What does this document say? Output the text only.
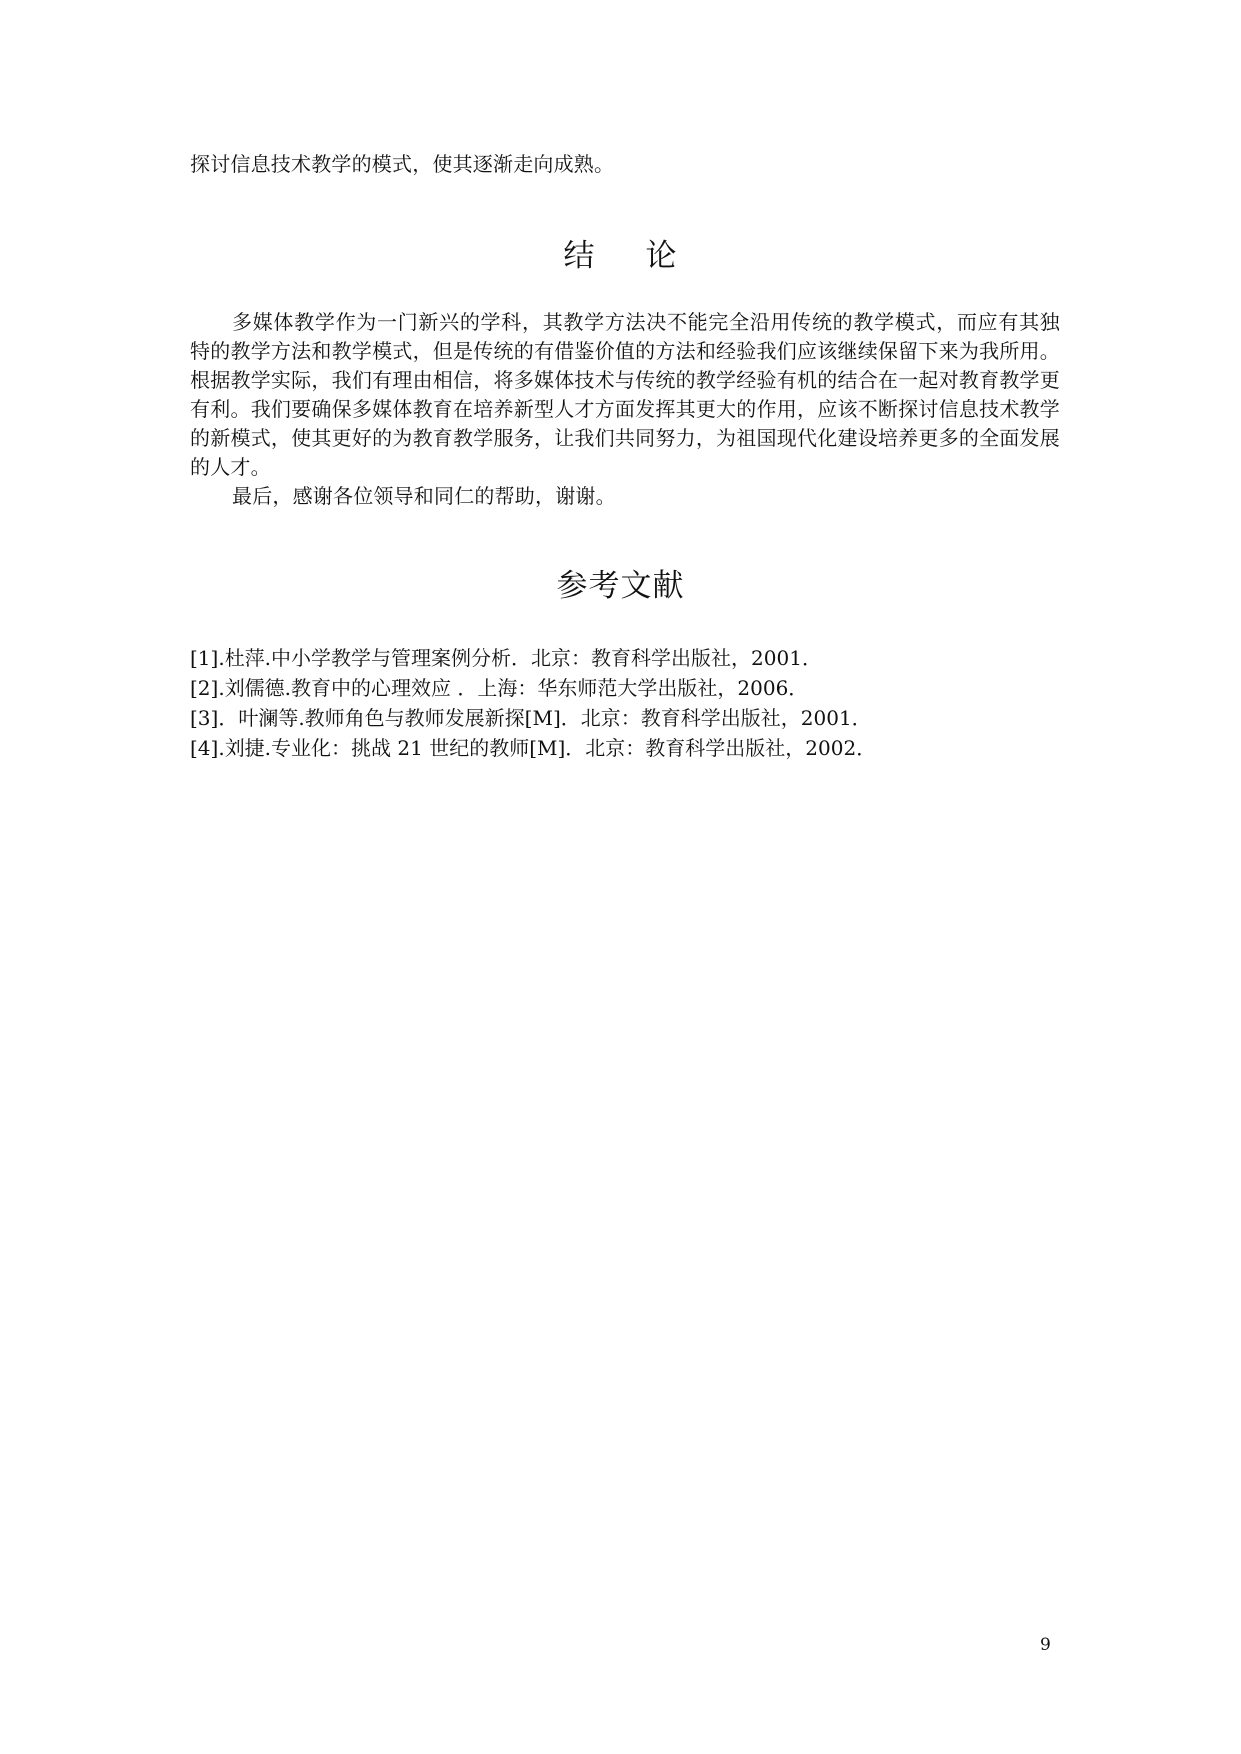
探讨信息技术教学的模式，使其逐渐走向成熟。
结 论

多媒体教学作为一门新兴的学科，其教学方法决不能完全沿用传统的教学模式，而应有其独特的教学方法和教学模式，但是传统的有借鉴价值的方法和经验我们应该继续保留下来为我所用。根据教学实际，我们有理由相信，将多媒体技术与传统的教学经验有机的结合在一起对教育教学更有利。我们要确保多媒体教育在培养新型人才方面发挥其更大的作用，应该不断探讨信息技术教学的新模式，使其更好的为教育教学服务，让我们共同努力，为祖国现代化建设培养更多的全面发展的人才。

最后，感谢各位领导和同仁的帮助，谢谢。

参考文献
[1].杜萍.中小学教学与管理案例分析．北京：教育科学出版社，2001．
[2].刘儒德.教育中的心理效应 ．上海：华东师范大学出版社，2006．
[3]．叶澜等.教师角色与教师发展新探[M]．北京：教育科学出版社，2001．
[4].刘捷.专业化：挑战 21 世纪的教师[M]．北京：教育科学出版社，2002．
9
